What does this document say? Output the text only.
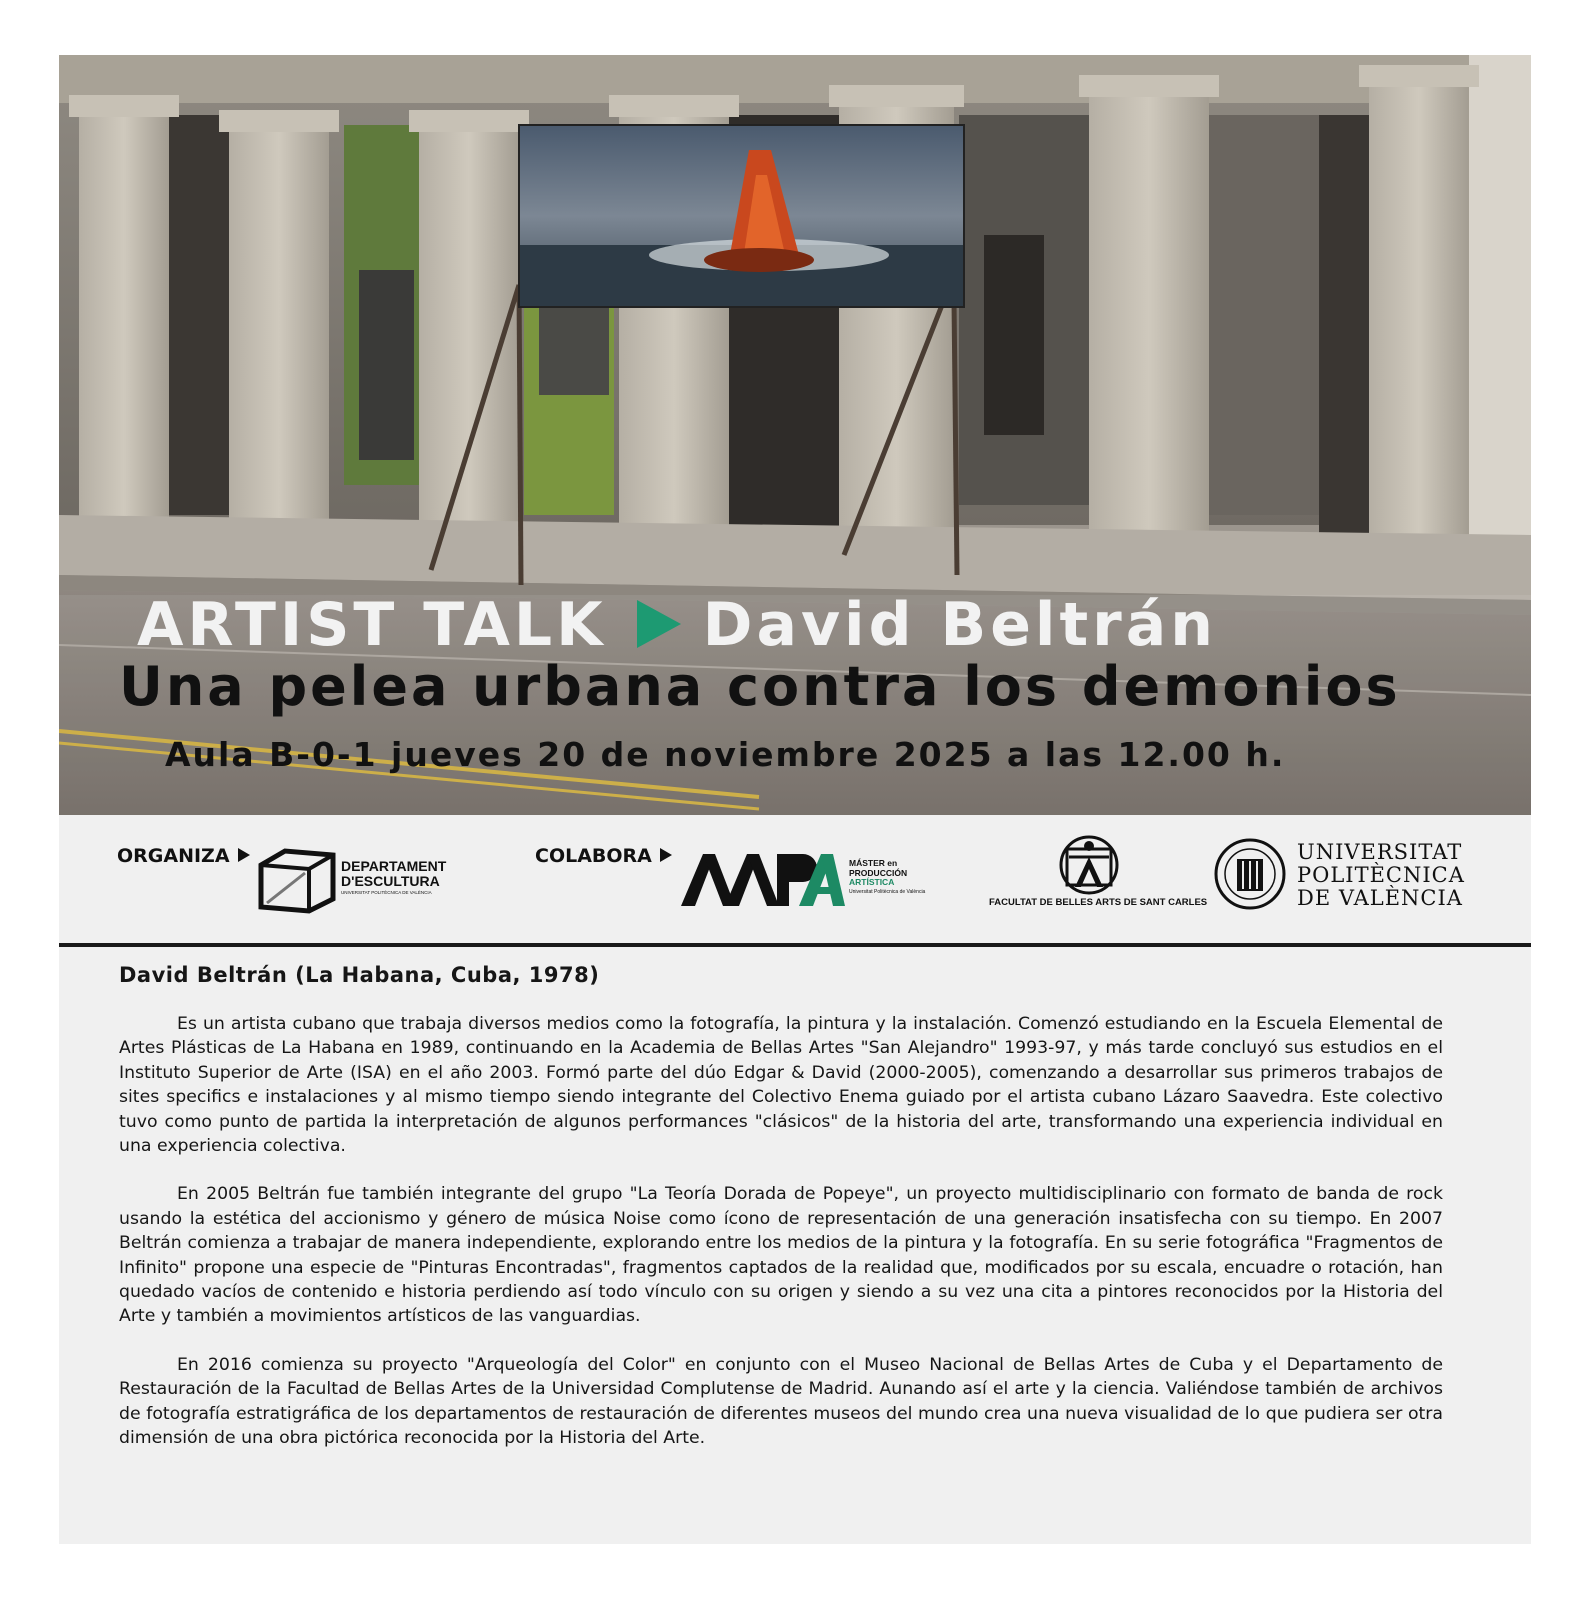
ARTIST TALK David Beltrán
Una pelea urbana contra los demonios
Aula B-0-1 jueves 20 de noviembre 2025 a las 12.00 h.
ORGANIZA	DEPARTAMENT
D'ESCULTURA
UNIVERSITAT POLITÈCNICA DE VALÈNCIA
COLABORA	MÁSTER en
PRODUCCIÓN
ARTÍSTICA
Universitat Politècnica de València
FACULTAT DE BELLES ARTS DE SANT CARLES
UNIVERSITAT
POLITÈCNICA
DE VALÈNCIA
David Beltrán (La Habana, Cuba, 1978)

Es un artista cubano que trabaja diversos medios como la fotografía, la pintura y la instalación. Comenzó estudiando en la Escuela Elemental de Artes Plásticas de La Habana en 1989, continuando en la Academia de Bellas Artes "San Alejandro" 1993-97, y más tarde concluyó sus estudios en el Instituto Superior de Arte (ISA) en el año 2003. Formó parte del dúo Edgar & David (2000-2005), comenzando a desarrollar sus primeros trabajos de sites specifics e instalaciones y al mismo tiempo siendo integrante del Colectivo Enema guiado por el artista cubano Lázaro Saavedra. Este colectivo tuvo como punto de partida la interpretación de algunos performances "clásicos" de la historia del arte, transformando una experiencia individual en una experiencia colectiva.

En 2005 Beltrán fue también integrante del grupo "La Teoría Dorada de Popeye", un proyecto multidisciplinario con formato de banda de rock usando la estética del accionismo y género de música Noise como ícono de representación de una generación insatisfecha con su tiempo. En 2007 Beltrán comienza a trabajar de manera independiente, explorando entre los medios de la pintura y la fotografía. En su serie fotográfica "Fragmentos de Infinito" propone una especie de "Pinturas Encontradas", fragmentos captados de la realidad que, modificados por su escala, encuadre o rotación, han quedado vacíos de contenido e historia perdiendo así todo vínculo con su origen y siendo a su vez una cita a pintores reconocidos por la Historia del Arte y también a movimientos artísticos de las vanguardias.

En 2016 comienza su proyecto "Arqueología del Color" en conjunto con el Museo Nacional de Bellas Artes de Cuba y el Departamento de Restauración de la Facultad de Bellas Artes de la Universidad Complutense de Madrid. Aunando así el arte y la ciencia. Valiéndose también de archivos de fotografía estratigráfica de los departamentos de restauración de diferentes museos del mundo crea una nueva visualidad de lo que pudiera ser otra dimensión de una obra pictórica reconocida por la Historia del Arte.
